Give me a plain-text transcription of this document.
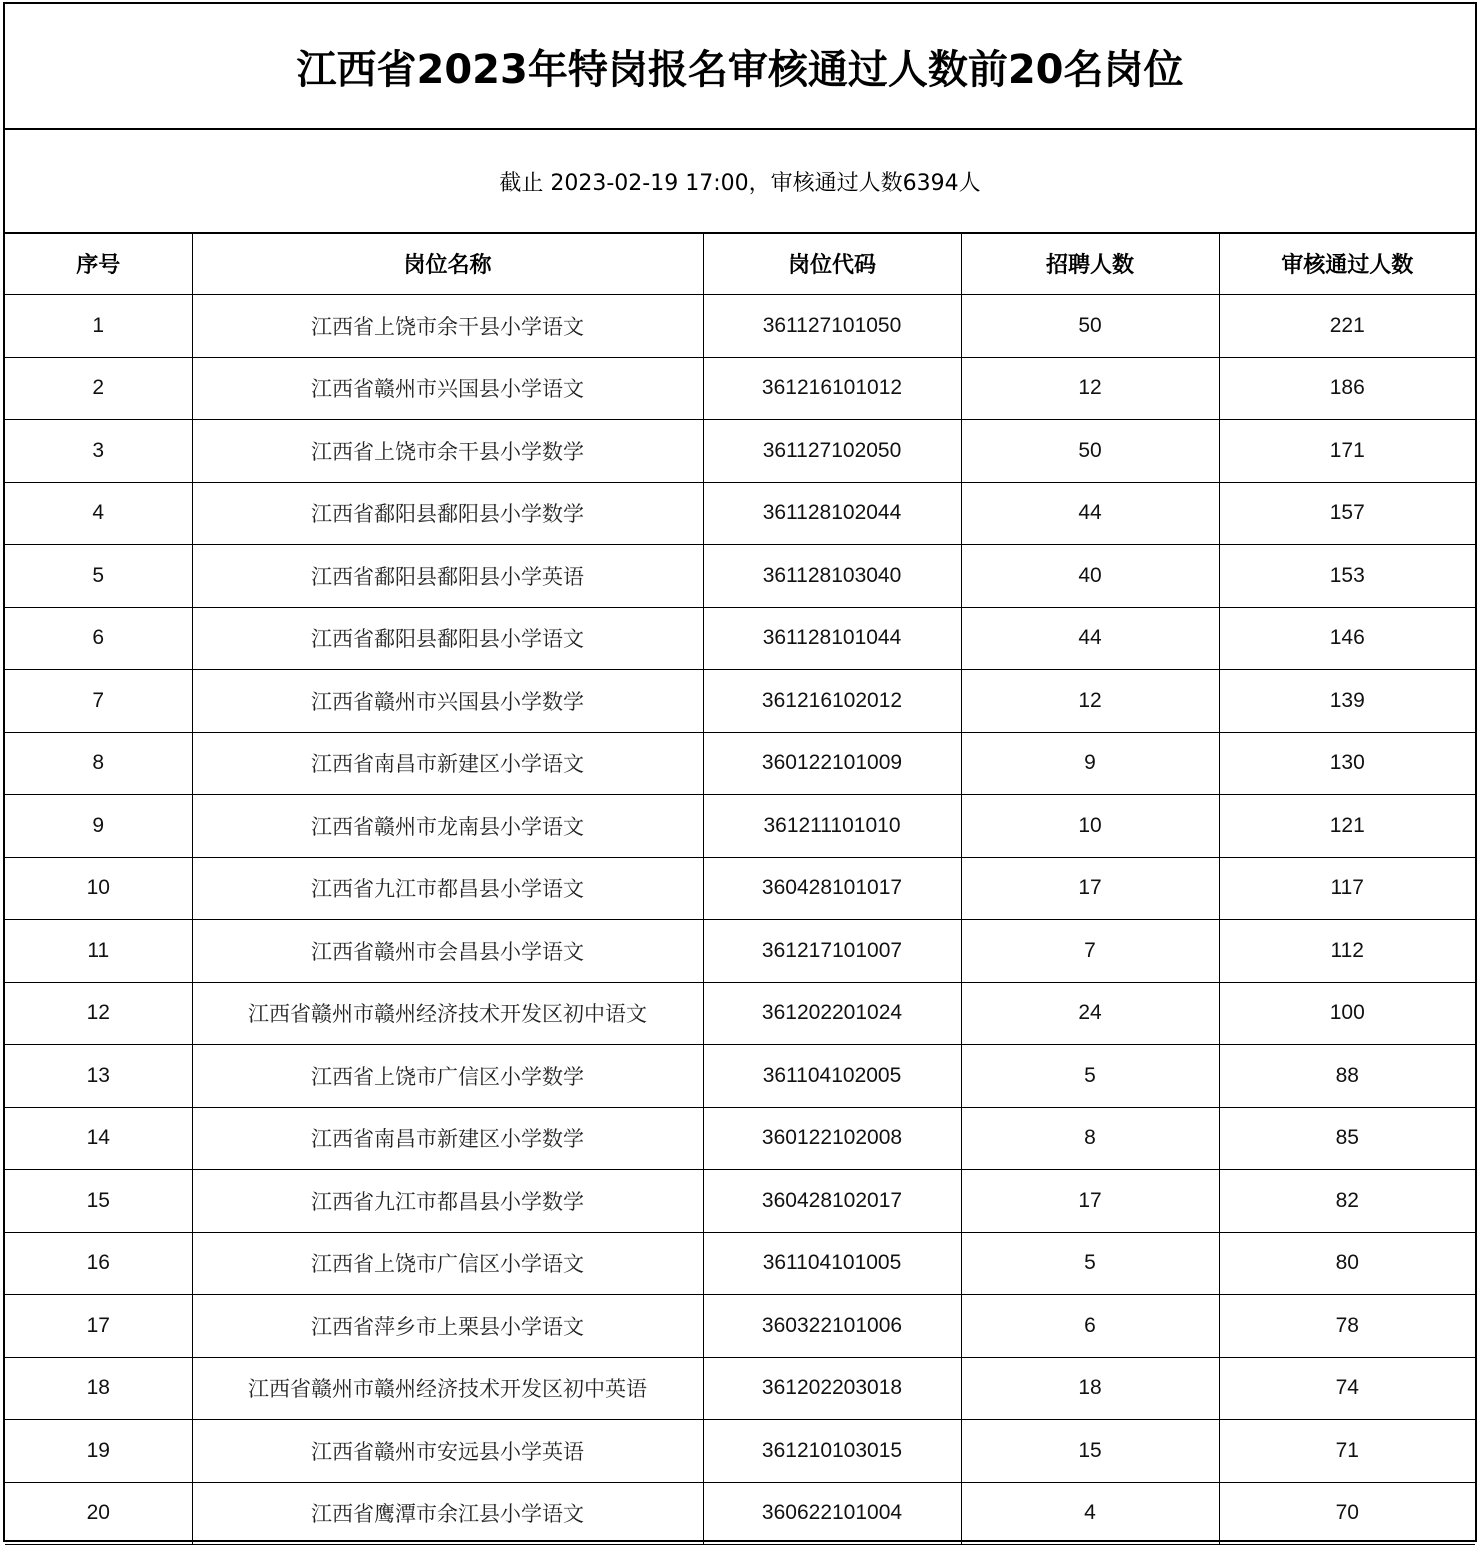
江西省2023年特岗报名审核通过人数前20名岗位
截止 2023-02-19 17:00，审核通过人数6394人
序号	岗位名称	岗位代码	招聘人数	审核通过人数
1	江西省上饶市余干县小学语文	361127101050	50	221
2	江西省赣州市兴国县小学语文	361216101012	12	186
3	江西省上饶市余干县小学数学	361127102050	50	171
4	江西省鄱阳县鄱阳县小学数学	361128102044	44	157
5	江西省鄱阳县鄱阳县小学英语	361128103040	40	153
6	江西省鄱阳县鄱阳县小学语文	361128101044	44	146
7	江西省赣州市兴国县小学数学	361216102012	12	139
8	江西省南昌市新建区小学语文	360122101009	9	130
9	江西省赣州市龙南县小学语文	361211101010	10	121
10	江西省九江市都昌县小学语文	360428101017	17	117
11	江西省赣州市会昌县小学语文	361217101007	7	112
12	江西省赣州市赣州经济技术开发区初中语文	361202201024	24	100
13	江西省上饶市广信区小学数学	361104102005	5	88
14	江西省南昌市新建区小学数学	360122102008	8	85
15	江西省九江市都昌县小学数学	360428102017	17	82
16	江西省上饶市广信区小学语文	361104101005	5	80
17	江西省萍乡市上栗县小学语文	360322101006	6	78
18	江西省赣州市赣州经济技术开发区初中英语	361202203018	18	74
19	江西省赣州市安远县小学英语	361210103015	15	71
20	江西省鹰潭市余江县小学语文	360622101004	4	70
